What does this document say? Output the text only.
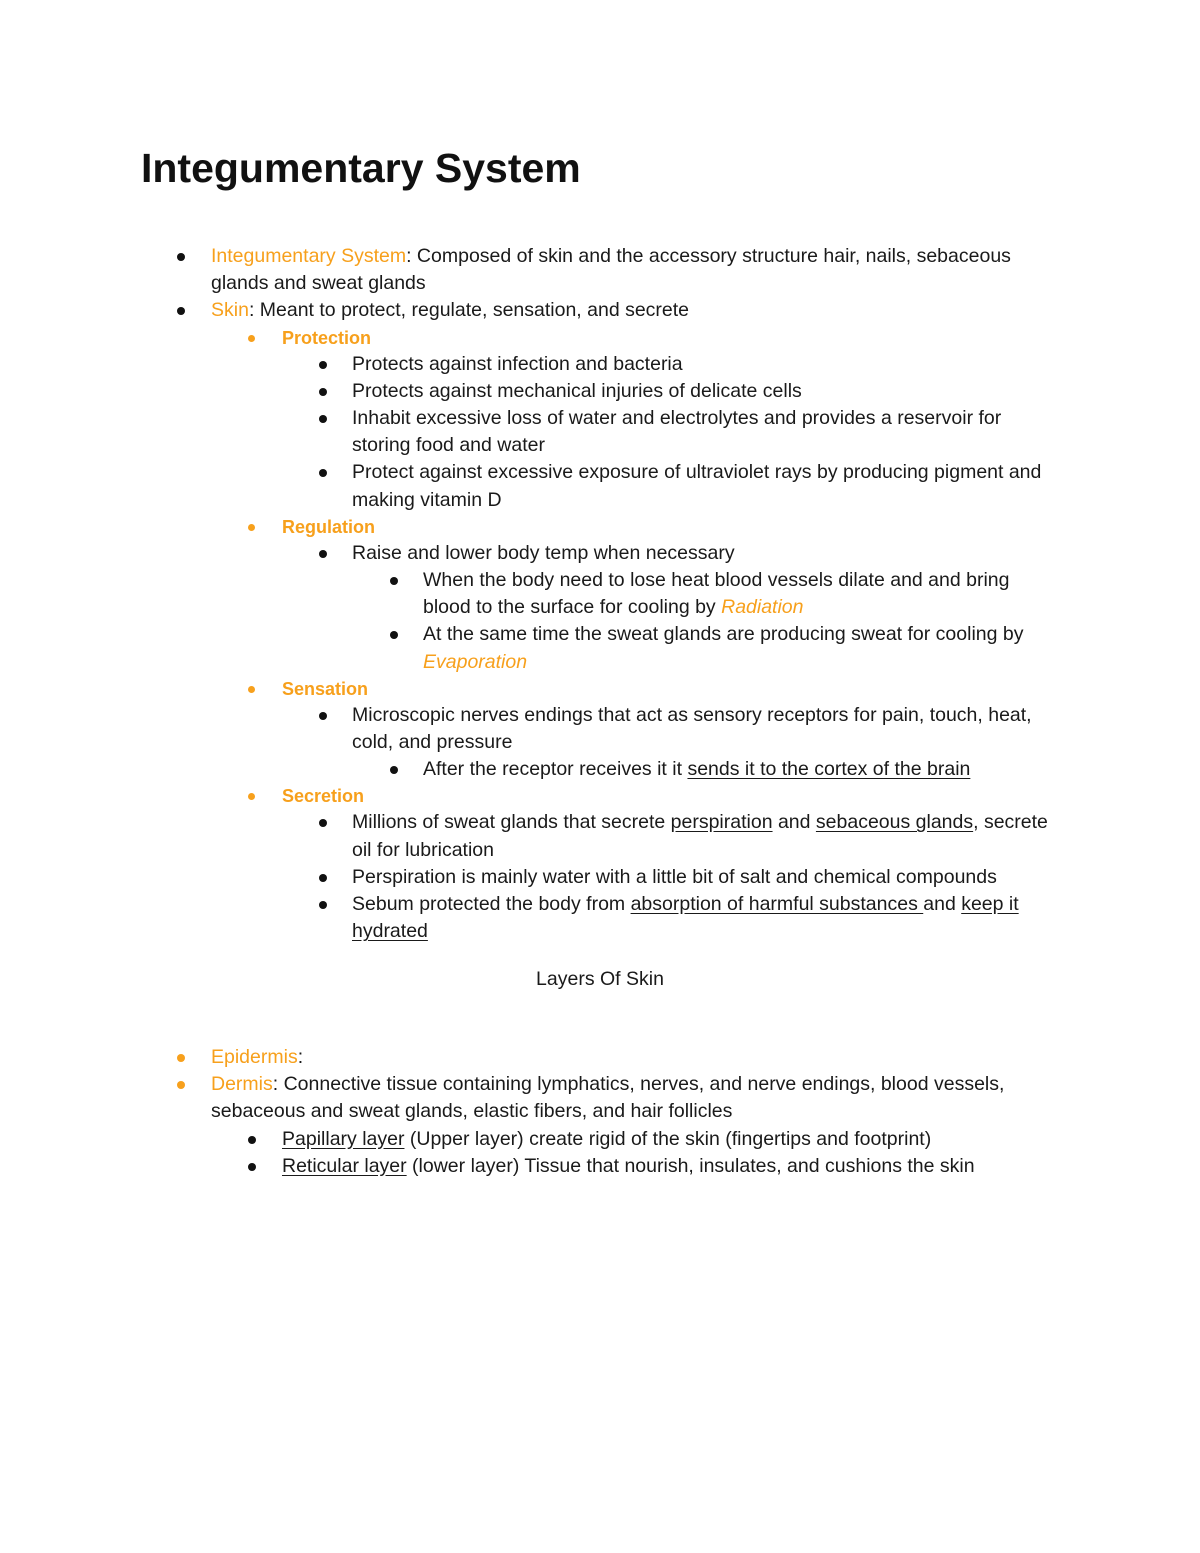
Integumentary System
Integumentary System: Composed of skin and the accessory structure hair, nails, sebaceous glands and sweat glands
Skin: Meant to protect, regulate, sensation, and secrete
Protection
Protects against infection and bacteria
Protects against mechanical injuries of delicate cells
Inhabit excessive loss of water and electrolytes and provides a reservoir for storing food and water
Protect against excessive exposure of ultraviolet rays by producing pigment and making vitamin D
Regulation
Raise and lower body temp when necessary
When the body need to lose heat blood vessels dilate and and bring blood to the surface for cooling by Radiation
At the same time the sweat glands are producing sweat for cooling by Evaporation
Sensation
Microscopic nerves endings that act as sensory receptors for pain, touch, heat, cold, and pressure
After the receptor receives it it sends it to the cortex of the brain
Secretion
Millions of sweat glands that secrete perspiration and sebaceous glands, secrete oil for lubrication
Perspiration is mainly water with a little bit of salt and chemical compounds
Sebum protected the body from absorption of harmful substances and keep it hydrated
Layers Of Skin
Epidermis:
Dermis: Connective tissue containing lymphatics, nerves, and nerve endings, blood vessels, sebaceous and sweat glands, elastic fibers, and hair follicles
Papillary layer (Upper layer) create rigid of the skin (fingertips and footprint)
Reticular layer (lower layer) Tissue that nourish, insulates, and cushions the skin
